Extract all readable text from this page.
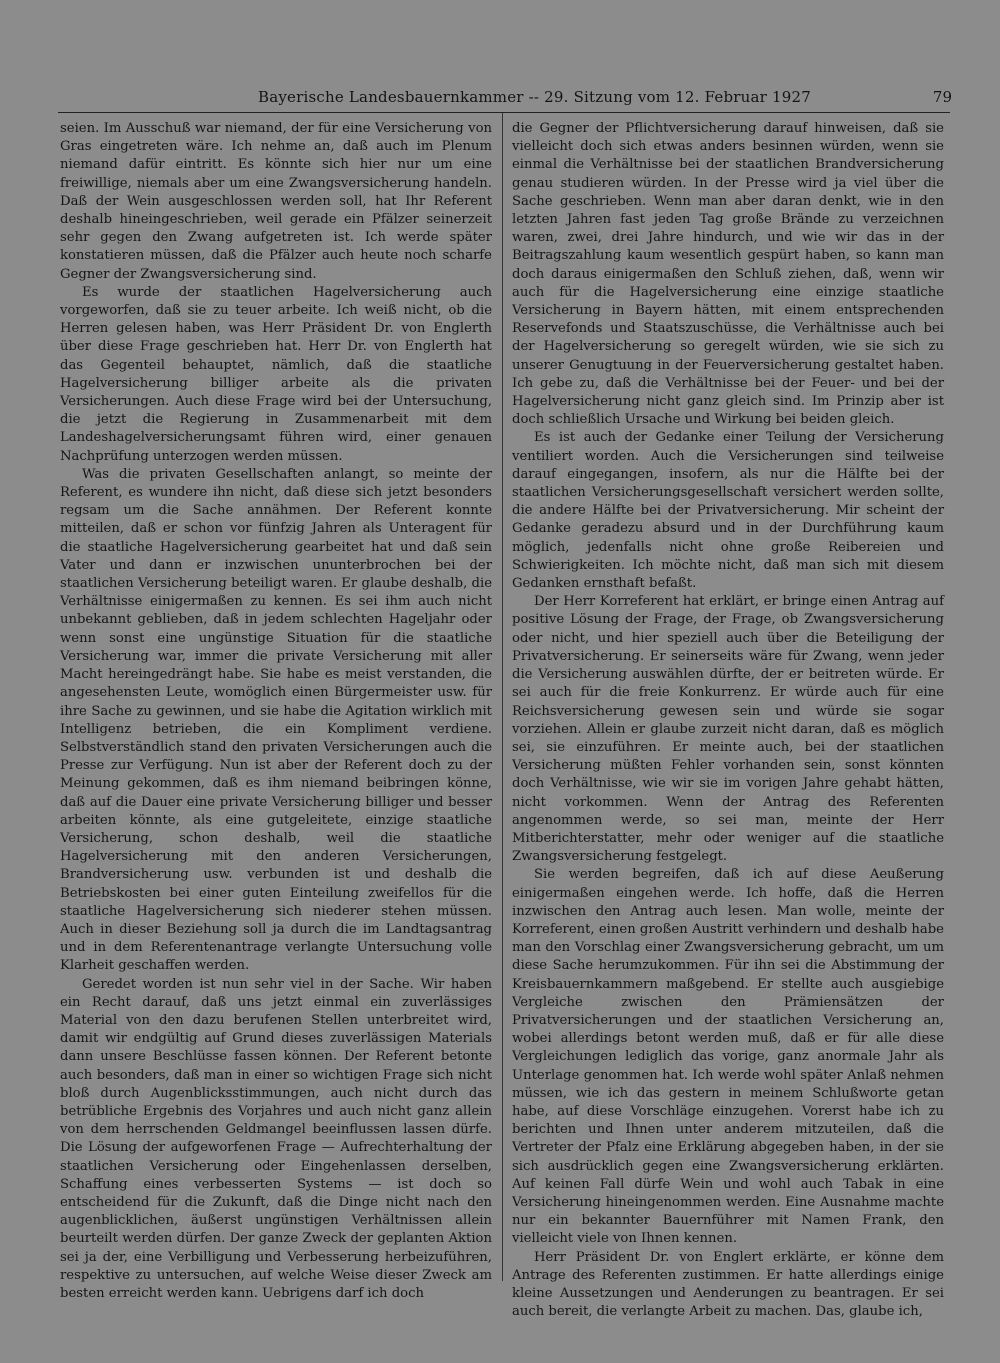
Bayerische Landesbauernkammer -- 29. Sitzung vom 12. Februar 1927	79

seien. Im Ausschuß war niemand, der für eine Versicherung von Gras eingetreten wäre. Ich nehme an, daß auch im Plenum niemand dafür eintritt. Es könnte sich hier nur um eine freiwillige, niemals aber um eine Zwangsversicherung handeln. Daß der Wein ausgeschlossen werden soll, hat Ihr Referent deshalb hineingeschrieben, weil gerade ein Pfälzer seinerzeit sehr gegen den Zwang aufgetreten ist. Ich werde später konstatieren müssen, daß die Pfälzer auch heute noch scharfe Gegner der Zwangsversicherung sind.

Es wurde der staatlichen Hagelversicherung auch vorgeworfen, daß sie zu teuer arbeite. Ich weiß nicht, ob die Herren gelesen haben, was Herr Präsident Dr. von Englerth über diese Frage geschrieben hat. Herr Dr. von Englerth hat das Gegenteil behauptet, nämlich, daß die staatliche Hagelversicherung billiger arbeite als die privaten Versicherungen. Auch diese Frage wird bei der Untersuchung, die jetzt die Regierung in Zusammenarbeit mit dem Landeshagelversicherungsamt führen wird, einer genauen Nachprüfung unterzogen werden müssen.

Was die privaten Gesellschaften anlangt, so meinte der Referent, es wundere ihn nicht, daß diese sich jetzt besonders regsam um die Sache annähmen. Der Referent konnte mitteilen, daß er schon vor fünfzig Jahren als Unteragent für die staatliche Hagelversicherung gearbeitet hat und daß sein Vater und dann er inzwischen ununterbrochen bei der staatlichen Versicherung beteiligt waren. Er glaube deshalb, die Verhältnisse einigermaßen zu kennen. Es sei ihm auch nicht unbekannt geblieben, daß in jedem schlechten Hageljahr oder wenn sonst eine ungünstige Situation für die staatliche Versicherung war, immer die private Versicherung mit aller Macht hereingedrängt habe. Sie habe es meist verstanden, die angesehensten Leute, womöglich einen Bürgermeister usw. für ihre Sache zu gewinnen, und sie habe die Agitation wirklich mit Intelligenz betrieben, die ein Kompliment verdiene. Selbstverständlich stand den privaten Versicherungen auch die Presse zur Verfügung. Nun ist aber der Referent doch zu der Meinung gekommen, daß es ihm niemand beibringen könne, daß auf die Dauer eine private Versicherung billiger und besser arbeiten könnte, als eine gutgeleitete, einzige staatliche Versicherung, schon deshalb, weil die staatliche Hagelversicherung mit den anderen Versicherungen, Brandversicherung usw. verbunden ist und deshalb die Betriebskosten bei einer guten Einteilung zweifellos für die staatliche Hagelversicherung sich niederer stehen müssen. Auch in dieser Beziehung soll ja durch die im Landtagsantrag und in dem Referentenantrage verlangte Untersuchung volle Klarheit geschaffen werden.

Geredet worden ist nun sehr viel in der Sache. Wir haben ein Recht darauf, daß uns jetzt einmal ein zuverlässiges Material von den dazu berufenen Stellen unterbreitet wird, damit wir endgültig auf Grund dieses zuverlässigen Materials dann unsere Beschlüsse fassen können. Der Referent betonte auch besonders, daß man in einer so wichtigen Frage sich nicht bloß durch Augenblicksstimmungen, auch nicht durch das betrübliche Ergebnis des Vorjahres und auch nicht ganz allein von dem herrschenden Geldmangel beeinflussen lassen dürfe. Die Lösung der aufgeworfenen Frage — Aufrechterhaltung der staatlichen Versicherung oder Eingehenlassen derselben, Schaffung eines verbesserten Systems — ist doch so entscheidend für die Zukunft, daß die Dinge nicht nach den augenblicklichen, äußerst ungünstigen Verhältnissen allein beurteilt werden dürfen. Der ganze Zweck der geplanten Aktion sei ja der, eine Verbilligung und Verbesserung herbeizuführen, respektive zu untersuchen, auf welche Weise dieser Zweck am besten erreicht werden kann. Uebrigens darf ich doch

die Gegner der Pflichtversicherung darauf hinweisen, daß sie vielleicht doch sich etwas anders besinnen würden, wenn sie einmal die Verhältnisse bei der staatlichen Brandversicherung genau studieren würden. In der Presse wird ja viel über die Sache geschrieben. Wenn man aber daran denkt, wie in den letzten Jahren fast jeden Tag große Brände zu verzeichnen waren, zwei, drei Jahre hindurch, und wie wir das in der Beitragszahlung kaum wesentlich gespürt haben, so kann man doch daraus einigermaßen den Schluß ziehen, daß, wenn wir auch für die Hagelversicherung eine einzige staatliche Versicherung in Bayern hätten, mit einem entsprechenden Reservefonds und Staatszuschüsse, die Verhältnisse auch bei der Hagelversicherung so geregelt würden, wie sie sich zu unserer Genugtuung in der Feuerversicherung gestaltet haben. Ich gebe zu, daß die Verhältnisse bei der Feuer- und bei der Hagelversicherung nicht ganz gleich sind. Im Prinzip aber ist doch schließlich Ursache und Wirkung bei beiden gleich.

Es ist auch der Gedanke einer Teilung der Versicherung ventiliert worden. Auch die Versicherungen sind teilweise darauf eingegangen, insofern, als nur die Hälfte bei der staatlichen Versicherungsgesellschaft versichert werden sollte, die andere Hälfte bei der Privatversicherung. Mir scheint der Gedanke geradezu absurd und in der Durchführung kaum möglich, jedenfalls nicht ohne große Reibereien und Schwierigkeiten. Ich möchte nicht, daß man sich mit diesem Gedanken ernsthaft befaßt.

Der Herr Korreferent hat erklärt, er bringe einen Antrag auf positive Lösung der Frage, der Frage, ob Zwangsversicherung oder nicht, und hier speziell auch über die Beteiligung der Privatversicherung. Er seinerseits wäre für Zwang, wenn jeder die Versicherung auswählen dürfte, der er beitreten würde. Er sei auch für die freie Konkurrenz. Er würde auch für eine Reichsversicherung gewesen sein und würde sie sogar vorziehen. Allein er glaube zurzeit nicht daran, daß es möglich sei, sie einzuführen. Er meinte auch, bei der staatlichen Versicherung müßten Fehler vorhanden sein, sonst könnten doch Verhältnisse, wie wir sie im vorigen Jahre gehabt hätten, nicht vorkommen. Wenn der Antrag des Referenten angenommen werde, so sei man, meinte der Herr Mitberichterstatter, mehr oder weniger auf die staatliche Zwangsversicherung festgelegt.

Sie werden begreifen, daß ich auf diese Aeußerung einigermaßen eingehen werde. Ich hoffe, daß die Herren inzwischen den Antrag auch lesen. Man wolle, meinte der Korreferent, einen großen Austritt verhindern und deshalb habe man den Vorschlag einer Zwangsversicherung gebracht, um um diese Sache herumzukommen. Für ihn sei die Abstimmung der Kreisbauernkammern maßgebend. Er stellte auch ausgiebige Vergleiche zwischen den Prämiensätzen der Privatversicherungen und der staatlichen Versicherung an, wobei allerdings betont werden muß, daß er für alle diese Vergleichungen lediglich das vorige, ganz anormale Jahr als Unterlage genommen hat. Ich werde wohl später Anlaß nehmen müssen, wie ich das gestern in meinem Schlußworte getan habe, auf diese Vorschläge einzugehen. Vorerst habe ich zu berichten und Ihnen unter anderem mitzuteilen, daß die Vertreter der Pfalz eine Erklärung abgegeben haben, in der sie sich ausdrücklich gegen eine Zwangsversicherung erklärten. Auf keinen Fall dürfe Wein und wohl auch Tabak in eine Versicherung hineingenommen werden. Eine Ausnahme machte nur ein bekannter Bauernführer mit Namen Frank, den vielleicht viele von Ihnen kennen.

Herr Präsident Dr. von Englert erklärte, er könne dem Antrage des Referenten zustimmen. Er hatte allerdings einige kleine Aussetzungen und Aenderungen zu beantragen. Er sei auch bereit, die verlangte Arbeit zu machen. Das, glaube ich,
